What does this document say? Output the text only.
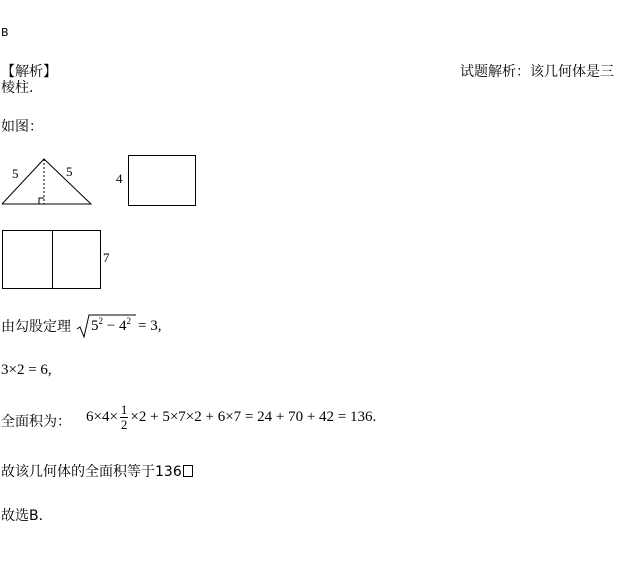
B
【解析】	试题解析：该几何体是三
棱柱.
如图：
5	5	4
7
由勾股定理 $5^2 - 4^2 = 3$,
3×2 = 6,
全面积为： $6\times 4\times \frac{1}{2} \times 2 + 5\times 7\times 2 + 6\times 7 = 24 + 70 + 42 = 136$.
故该几何体的全面积等于136
故选B.
